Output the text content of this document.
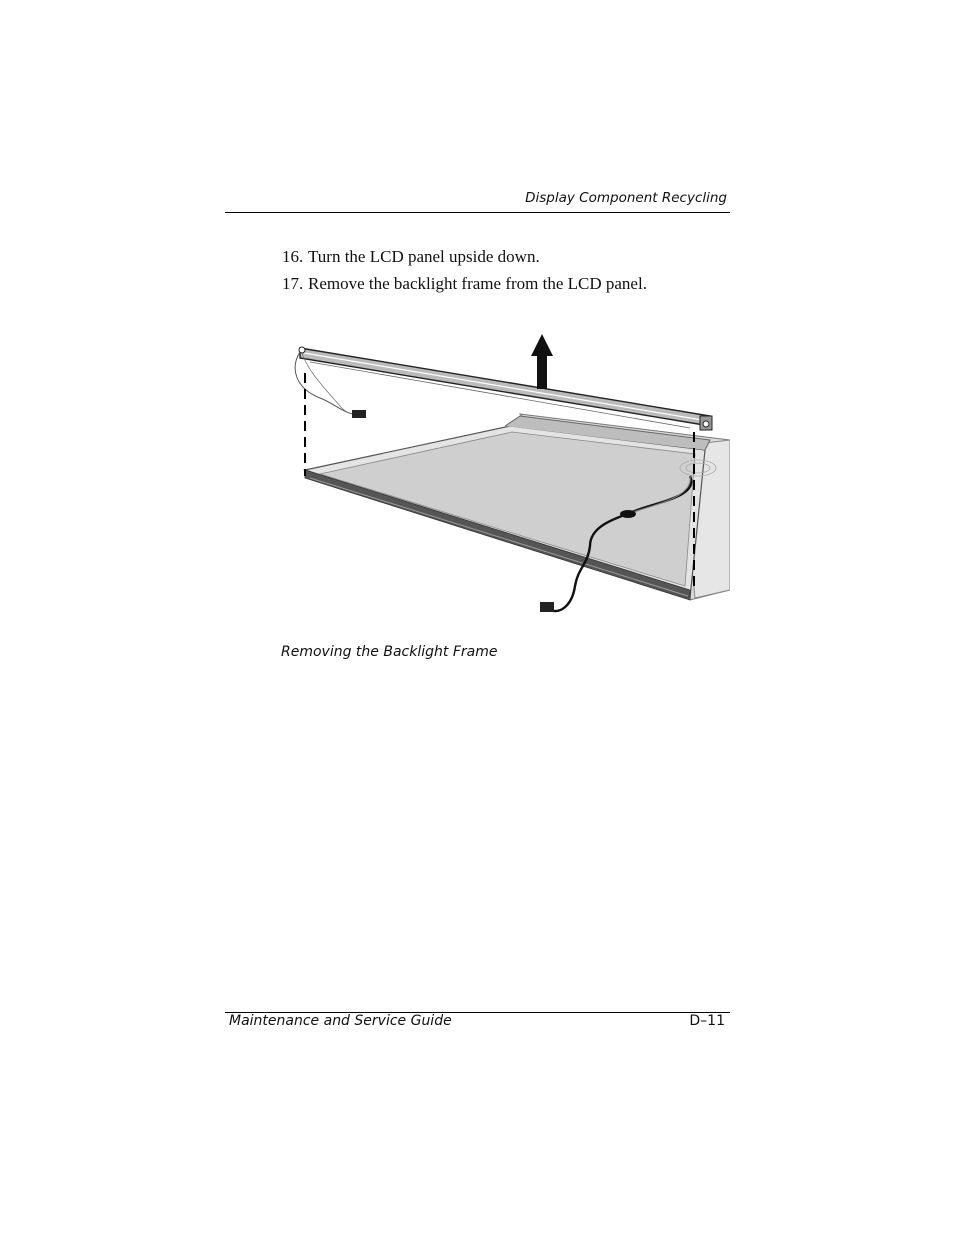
Display Component Recycling
16. Turn the LCD panel upside down.
17. Remove the backlight frame from the LCD panel.
Removing the Backlight Frame
Maintenance and Service Guide	D–11
